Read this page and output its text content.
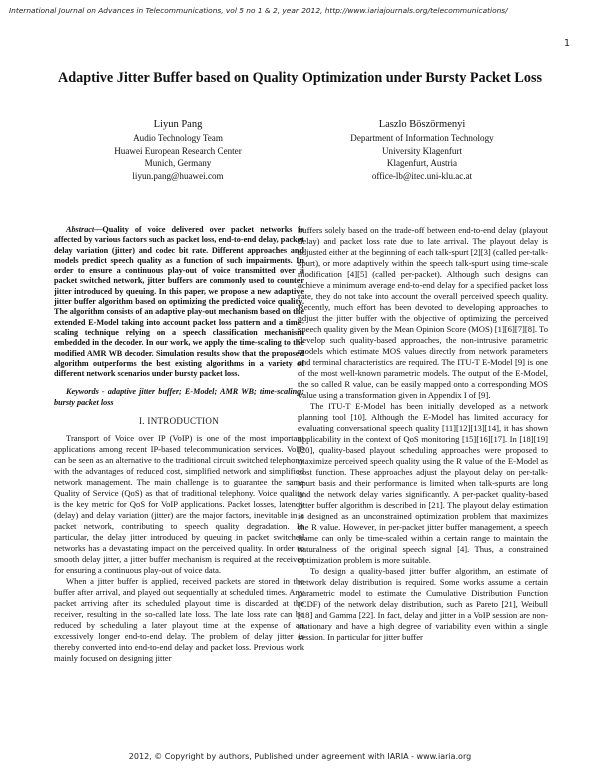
International Journal on Advances in Telecommunications, vol 5 no 1 & 2, year 2012, http://www.iariajournals.org/telecommunications/
1
Adaptive Jitter Buffer based on Quality Optimization under Bursty Packet Loss
Liyun Pang
Audio Technology Team
Huawei European Research Center
Munich, Germany
liyun.pang@huawei.com
Laszlo Böszörmenyi
Department of Information Technology
University Klagenfurt
Klagenfurt, Austria
office-lb@itec.uni-klu.ac.at

Abstract—Quality of voice delivered over packet networks is affected by various factors such as packet loss, end-to-end delay, packet delay variation (jitter) and codec bit rate. Different approaches and models predict speech quality as a function of such impairments. In order to ensure a continuous play-out of voice transmitted over a packet switched network, jitter buffers are commonly used to counter jitter introduced by queuing. In this paper, we propose a new adaptive jitter buffer algorithm based on optimizing the predicted voice quality. The algorithm consists of an adaptive play-out mechanism based on the extended E-Model taking into account packet loss pattern and a time-scaling technique relying on a speech classification mechanism embedded in the decoder. In our work, we apply the time-scaling to the modified AMR WB decoder. Simulation results show that the proposed algorithm outperforms the best existing algorithms in a variety of different network scenarios under bursty packet loss.

Keywords - adaptive jitter buffer; E-Model; AMR WB; time-scaling; bursty packet loss

I. INTRODUCTION

Transport of Voice over IP (VoIP) is one of the most important applications among recent IP-based telecommunication services. VoIP can be seen as an alternative to the traditional circuit switched telephony with the advantages of reduced cost, simplified network and simplified network management. The main challenge is to guarantee the same Quality of Service (QoS) as that of traditional telephony. Voice quality is the key metric for QoS for VoIP applications. Packet losses, latency (delay) and delay variation (jitter) are the major factors, inevitable in a packet network, contributing to speech quality degradation. In particular, the delay jitter introduced by queuing in packet switched networks has a devastating impact on the perceived quality. In order to smooth delay jitter, a jitter buffer mechanism is required at the receiver for ensuring a continuous play-out of voice data.

When a jitter buffer is applied, received packets are stored in the buffer after arrival, and played out sequentially at scheduled times. Any packet arriving after its scheduled playout time is discarded at the receiver, resulting in the so-called late loss. The late loss rate can be reduced by scheduling a later playout time at the expense of an excessively longer end-to-end delay. The problem of delay jitter is thereby converted into end-to-end delay and packet loss. Previous work mainly focused on designing jitter

buffers solely based on the trade-off between end-to-end delay (playout delay) and packet loss rate due to late arrival. The playout delay is adjusted either at the beginning of each talk-spurt [2][3] (called per-talk-spurt), or more adaptively within the speech talk-spurt using time-scale modification [4][5] (called per-packet). Although such designs can achieve a minimum average end-to-end delay for a specified packet loss rate, they do not take into account the overall perceived speech quality. Recently, much effort has been devoted to developing approaches to adjust the jitter buffer with the objective of optimizing the perceived speech quality given by the Mean Opinion Score (MOS) [1][6][7][8]. To develop such quality-based approaches, the non-intrusive parametric models which estimate MOS values directly from network parameters and terminal characteristics are required. The ITU-T E-Model [9] is one of the most well-known parametric models. The output of the E-Model, the so called R value, can be easily mapped onto a corresponding MOS value using a transformation given in Appendix I of [9].

The ITU-T E-Model has been initially developed as a network planning tool [10]. Although the E-Model has limited accuracy for evaluating conversational speech quality [11][12][13][14], it has shown applicability in the context of QoS monitoring [15][16][17]. In [18][19][20], quality-based playout scheduling approaches were proposed to maximize perceived speech quality using the R value of the E-Model as cost function. These approaches adjust the playout delay on per-talk-spurt basis and their performance is limited when talk-spurts are long and the network delay varies significantly. A per-packet quality-based jitter buffer algorithm is described in [21]. The playout delay estimation is designed as an unconstrained optimization problem that maximizes the R value. However, in per-packet jitter buffer management, a speech frame can only be time-scaled within a certain range to maintain the naturalness of the original speech signal [4]. Thus, a constrained optimization problem is more suitable.

To design a quality-based jitter buffer algorithm, an estimate of network delay distribution is required. Some works assume a certain parametric model to estimate the Cumulative Distribution Function (CDF) of the network delay distribution, such as Pareto [21], Weibull [18] and Gamma [22]. In fact, delay and jitter in a VoIP session are non-stationary and have a high degree of variability even within a single session. In particular for jitter buffer

2012, © Copyright by authors, Published under agreement with IARIA - www.iaria.org
